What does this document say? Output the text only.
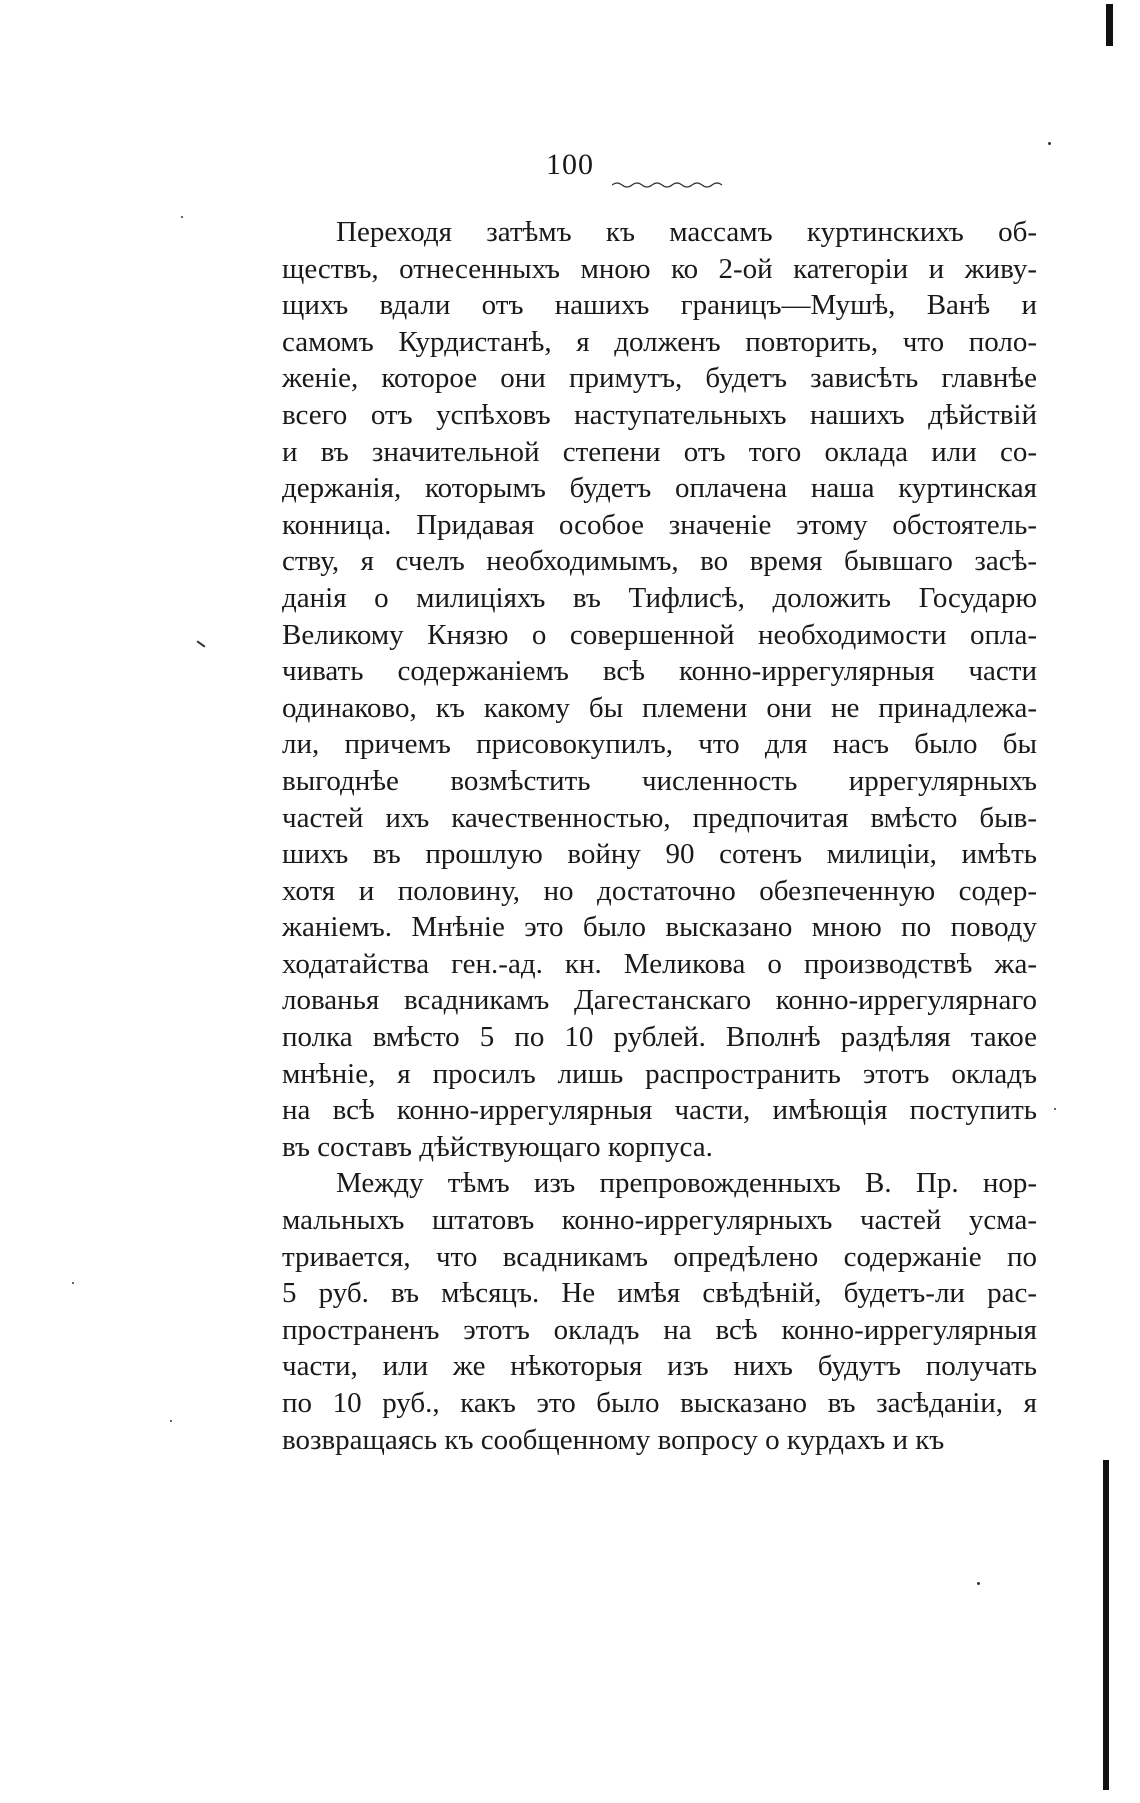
100
Переходя затѣмъ къ массамъ куртинскихъ об-
ществъ, отнесенныхъ мною ко 2-ой категоріи и живу-
щихъ вдали отъ нашихъ границъ—Мушѣ, Ванѣ и
самомъ Курдистанѣ, я долженъ повторить, что поло-
женіе, которое они примутъ, будетъ зависѣть главнѣе
всего отъ успѣховъ наступательныхъ нашихъ дѣйствій
и въ значительной степени отъ того оклада или со-
держанія, которымъ будетъ оплачена наша куртинская
конница. Придавая особое значеніе этому обстоятель-
ству, я счелъ необходимымъ, во время бывшаго засѣ-
данія о милиціяхъ въ Тифлисѣ, доложить Государю
Великому Князю о совершенной необходимости опла-
чивать содержаніемъ всѣ конно-иррегулярныя части
одинаково, къ какому бы племени они не принадлежа-
ли, причемъ присовокупилъ, что для насъ было бы
выгоднѣе возмѣстить численность иррегулярныхъ
частей ихъ качественностью, предпочитая вмѣсто быв-
шихъ въ прошлую войну 90 сотенъ милиціи, имѣть
хотя и половину, но достаточно обезпеченную содер-
жаніемъ. Мнѣніе это было высказано мною по поводу
ходатайства ген.-ад. кн. Меликова о производствѣ жа-
лованья всадникамъ Дагестанскаго конно-иррегулярнаго
полка вмѣсто 5 по 10 рублей. Вполнѣ раздѣляя такое
мнѣніе, я просилъ лишь распространить этотъ окладъ
на всѣ конно-иррегулярныя части, имѣющія поступить
въ составъ дѣйствующаго корпуса.
Между тѣмъ изъ препровожденныхъ В. Пр. нор-
мальныхъ штатовъ конно-иррегулярныхъ частей усма-
тривается, что всадникамъ опредѣлено содержаніе по
5 руб. въ мѣсяцъ. Не имѣя свѣдѣній, будетъ-ли рас-
пространенъ этотъ окладъ на всѣ конно-иррегулярныя
части, или же нѣкоторыя изъ нихъ будутъ получать
по 10 руб., какъ это было высказано въ засѣданіи, я
возвращаясь къ сообщенному вопросу о курдахъ и къ
